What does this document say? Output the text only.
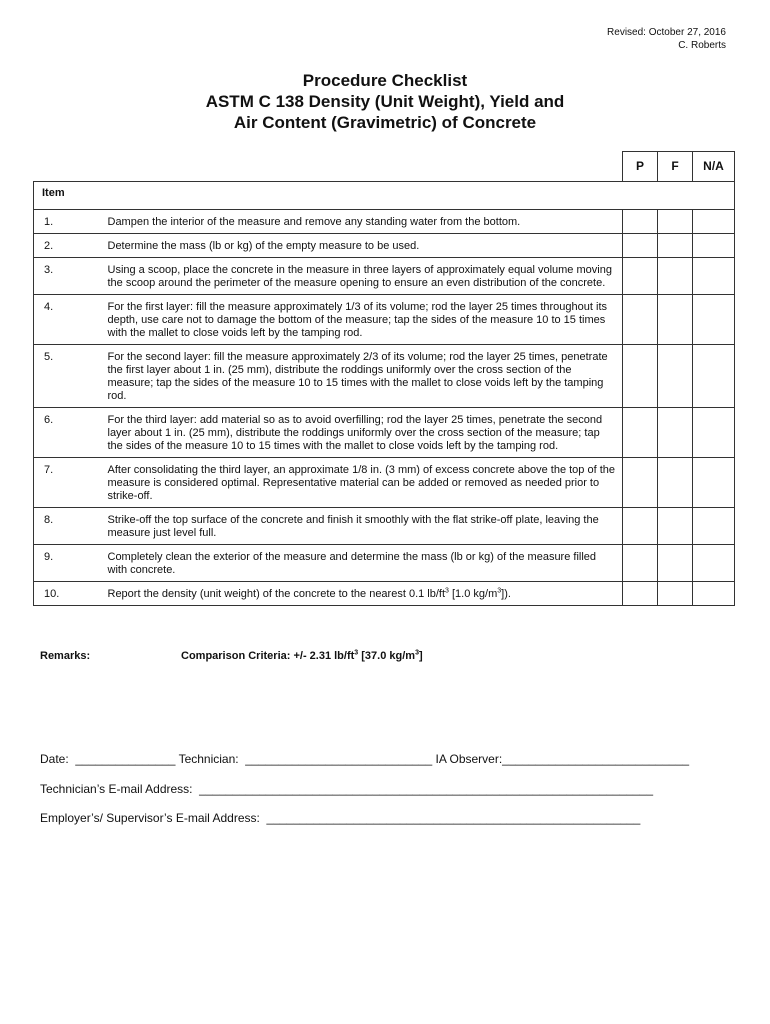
Revised: October 27, 2016
C. Roberts
Procedure Checklist
ASTM C 138 Density (Unit Weight), Yield and
Air Content (Gravimetric) of Concrete
		P	F	N/A
Item				
1.	Dampen the interior of the measure and remove any standing water from the bottom.			
2.	Determine the mass (lb or kg) of the empty measure to be used.			
3.	Using a scoop, place the concrete in the measure in three layers of approximately equal volume moving the scoop around the perimeter of the measure opening to ensure an even distribution of the concrete.			
4.	For the first layer: fill the measure approximately 1/3 of its volume; rod the layer 25 times throughout its depth, use care not to damage the bottom of the measure; tap the sides of the measure 10 to 15 times with the mallet to close voids left by the tamping rod.			
5.	For the second layer: fill the measure approximately 2/3 of its volume; rod the layer 25 times, penetrate the first layer about 1 in. (25 mm), distribute the roddings uniformly over the cross section of the measure; tap the sides of the measure 10 to 15 times with the mallet to close voids left by the tamping rod.			
6.	For the third layer: add material so as to avoid overfilling; rod the layer 25 times, penetrate the second layer about 1 in. (25 mm), distribute the roddings uniformly over the cross section of the measure; tap the sides of the measure 10 to 15 times with the mallet to close voids left by the tamping rod.			
7.	After consolidating the third layer, an approximate 1/8 in. (3 mm) of excess concrete above the top of the measure is considered optimal. Representative material can be added or removed as needed prior to strike-off.			
8.	Strike-off the top surface of the concrete and finish it smoothly with the flat strike-off plate, leaving the measure just level full.			
9.	Completely clean the exterior of the measure and determine the mass (lb or kg) of the measure filled with concrete.			
10.	Report the density (unit weight) of the concrete to the nearest 0.1 $lb/ft^3$ [1.0 $kg/m^3$]).			
Remarks:	Comparison Criteria: +/- 2.31 $lb/ft^3$ [37.0 $kg/m^3$]
Date:  _______________ Technician:  ____________________________ IA Observer:____________________________
Technician’s E-mail Address:  ____________________________________________________________________
Employer’s/ Supervisor’s E-mail Address:  ________________________________________________________
